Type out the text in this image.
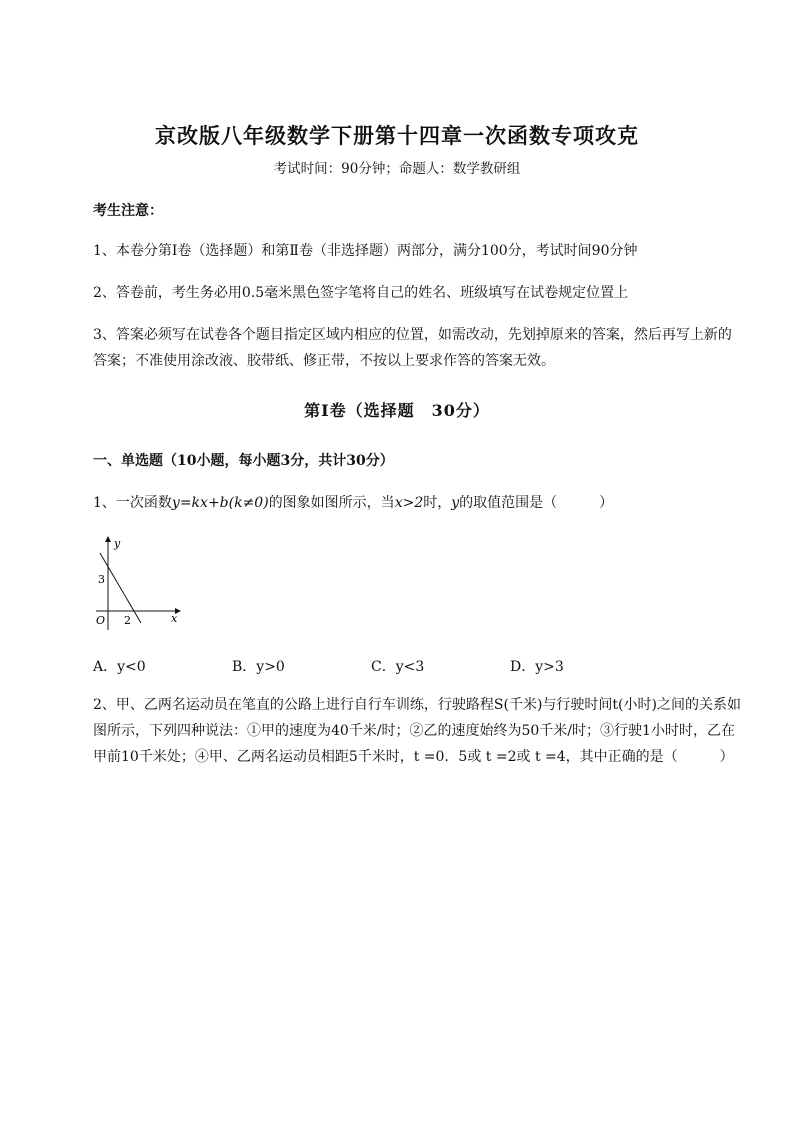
京改版八年级数学下册第十四章一次函数专项攻克
考试时间：90分钟；命题人：数学教研组
考生注意：
1、本卷分第I卷（选择题）和第Ⅱ卷（非选择题）两部分，满分100分，考试时间90分钟
2、答卷前，考生务必用0.5毫米黑色签字笔将自己的姓名、班级填写在试卷规定位置上
3、答案必须写在试卷各个题目指定区域内相应的位置，如需改动，先划掉原来的答案，然后再写上新的答案；不准使用涂改液、胶带纸、修正带，不按以上要求作答的答案无效。
第I卷（选择题　30分）
一、单选题（10小题，每小题3分，共计30分）
1、一次函数y=kx+b(k≠0)的图象如图所示，当x>2时，y的取值范围是（　　　）
y
x
O
3
2
A．y<0	B．y>0	C．y<3	D．y>3
2、甲、乙两名运动员在笔直的公路上进行自行车训练，行驶路程S(千米)与行驶时间t(小时)之间的关系如图所示，下列四种说法：①甲的速度为40千米/时；②乙的速度始终为50千米/时；③行驶1小时时，乙在甲前10千米处；④甲、乙两名运动员相距5千米时，t =0．5或 t =2或 t =4，其中正确的是（　　　）
